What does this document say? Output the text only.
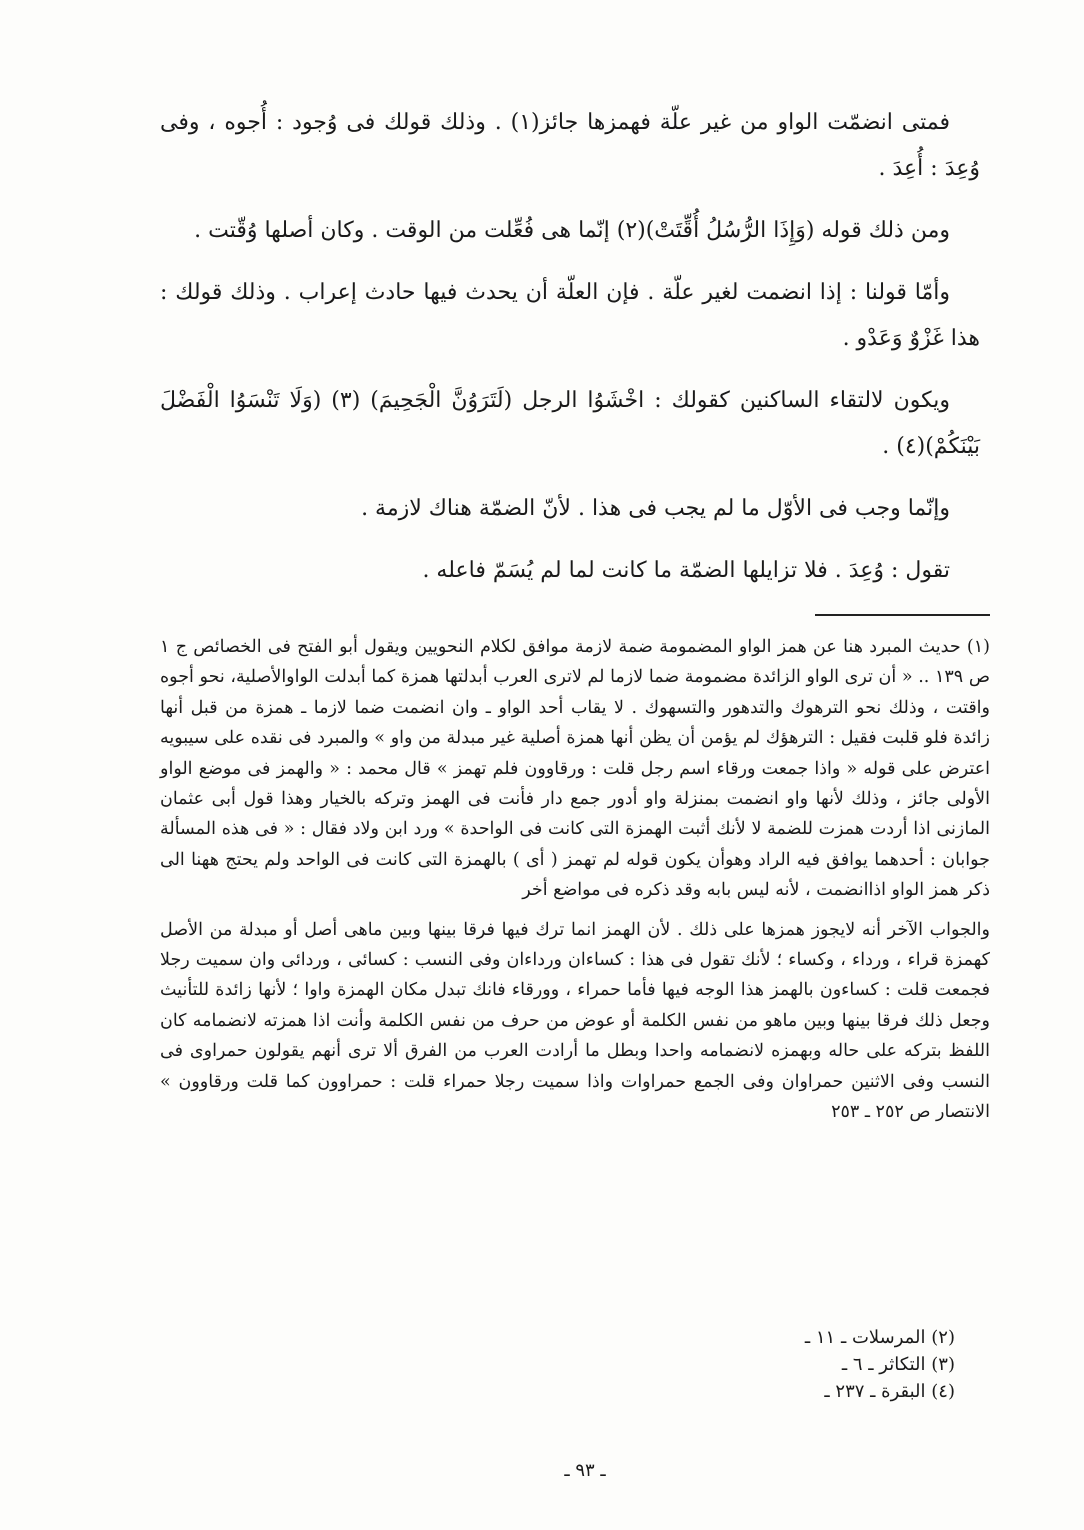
فمتى انضمّت الواو من غير علّة فهمزها جائز(١) . وذلك قولك فى وُجود : أُجوه ، وفى وُعِدَ : أُعِدَ .

ومن ذلك قوله (وَإِذَا الرُّسُلُ أُقِّتَتْ)(٢) إنّما هى فُعِّلت من الوقت . وكان أصلها وُقّتت .

وأمّا قولنا : إذا انضمت لغير علّة . فإن العلّة أن يحدث فيها حادث إعراب . وذلك قولك : هذا غَزْوٌ وَعَدْو .

ويكون لالتقاء الساكنين كقولك : اخْشَوُا الرجل (لَتَرَوُنَّ الْجَحِيمَ) (٣) (وَلَا تَنْسَوُا الْفَضْلَ بَيْنَكُمْ)(٤) .

وإنّما وجب فى الأوّل ما لم يجب فى هذا . لأنّ الضمّة هناك لازمة .

تقول : وُعِدَ . فلا تزايلها الضمّة ما كانت لما لم يُسَمّ فاعله .

(١) حديث المبرد هنا عن همز الواو المضمومة ضمة لازمة موافق لكلام النحويين ويقول أبو الفتح فى الخصائص ج ١ ص ١٣٩ .. « أن ترى الواو الزائدة مضمومة ضما لازما لم لاترى العرب أبدلتها همزة كما أبدلت الواوالأصلية، نحو أجوه واقتت ، وذلك نحو الترهوك والتدهور والتسهوك . لا يقاب أحد الواو ـ وان انضمت ضما لازما ـ همزة من قبل أنها زائدة فلو قلبت فقيل : الترهؤك لم يؤمن أن يظن أنها همزة أصلية غير مبدلة من واو » والمبرد فى نقده على سيبويه اعترض على قوله « واذا جمعت ورقاء اسم رجل قلت : ورقاوون فلم تهمز » قال محمد : « والهمز فى موضع الواو الأولى جائز ، وذلك لأنها واو انضمت بمنزلة واو أدور جمع دار فأنت فى الهمز وتركه بالخيار وهذا قول أبى عثمان المازنى اذا أردت همزت للضمة لا لأنك أثبت الهمزة التى كانت فى الواحدة » ورد ابن ولاد فقال : « فى هذه المسألة جوابان : أحدهما يوافق فيه الراد وهوأن يكون قوله لم تهمز ( أى ) بالهمزة التى كانت فى الواحد ولم يحتج ههنا الى ذكر همز الواو اذاانضمت ، لأنه ليس بابه وقد ذكره فى مواضع أخر

والجواب الآخر أنه لايجوز همزها على ذلك . لأن الهمز انما ترك فيها فرقا بينها وبين ماهى أصل أو مبدلة من الأصل كهمزة قراء ، ورداء ، وكساء ؛ لأنك تقول فى هذا : كساءان ورداءان وفى النسب : كسائى ، وردائى وان سميت رجلا فجمعت قلت : كساءون بالهمز هذا الوجه فيها فأما حمراء ، وورقاء فانك تبدل مكان الهمزة واوا ؛ لأنها زائدة للتأنيث وجعل ذلك فرقا بينها وبين ماهو من نفس الكلمة أو عوض من حرف من نفس الكلمة وأنت اذا همزته لانضمامه كان اللفظ بتركه على حاله وبهمزه لانضمامه واحدا وبطل ما أرادت العرب من الفرق ألا ترى أنهم يقولون حمراوى فى النسب وفى الاثنين حمراوان وفى الجمع حمراوات واذا سميت رجلا حمراء قلت : حمراوون كما قلت ورقاوون » الانتصار ص ٢٥٢ ـ ٢٥٣

(٢) المرسلات ـ ١١ ـ
(٣) التكاثر ـ ٦ ـ
(٤) البقرة ـ ٢٣٧ ـ
ـ ٩٣ ـ
